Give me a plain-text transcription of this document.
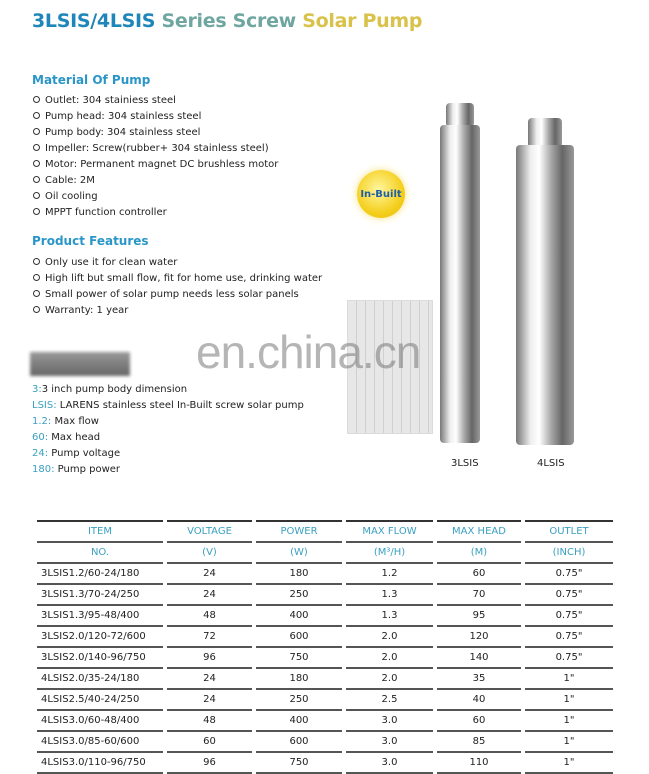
3LSIS/4LSIS Series Screw Solar Pump
Material Of Pump
Outlet: 304 stainiess steel
Pump head: 304 stainless steel
Pump body: 304 stainless steel
Impeller: Screw(rubber+ 304 stainless steel)
Motor: Permanent magnet DC brushless motor
Cable: 2M
Oil cooling
MPPT function controller
Product Features
Only use it for clean water
High lift but small flow, fit for home use, drinking water
Small power of solar pump needs less solar panels
Warranty: 1 year
3:3 inch pump body dimension
LSIS: LARENS stainless steel In-Built screw solar pump
1.2: Max flow
60: Max head
24: Pump voltage
180: Pump power
In-Built
en.china.cn
3LSIS	4LSIS
ITEM	VOLTAGE	POWER	MAX FLOW	MAX HEAD	OUTLET
NO.	(V)	(W)	(M³/H)	(M)	(INCH)
3LSIS1.2/60-24/180	24	180	1.2	60	0.75"
3LSIS1.3/70-24/250	24	250	1.3	70	0.75"
3LSIS1.3/95-48/400	48	400	1.3	95	0.75"
3LSIS2.0/120-72/600	72	600	2.0	120	0.75"
3LSIS2.0/140-96/750	96	750	2.0	140	0.75"
4LSIS2.0/35-24/180	24	180	2.0	35	1"
4LSIS2.5/40-24/250	24	250	2.5	40	1"
4LSIS3.0/60-48/400	48	400	3.0	60	1"
4LSIS3.0/85-60/600	60	600	3.0	85	1"
4LSIS3.0/110-96/750	96	750	3.0	110	1"
